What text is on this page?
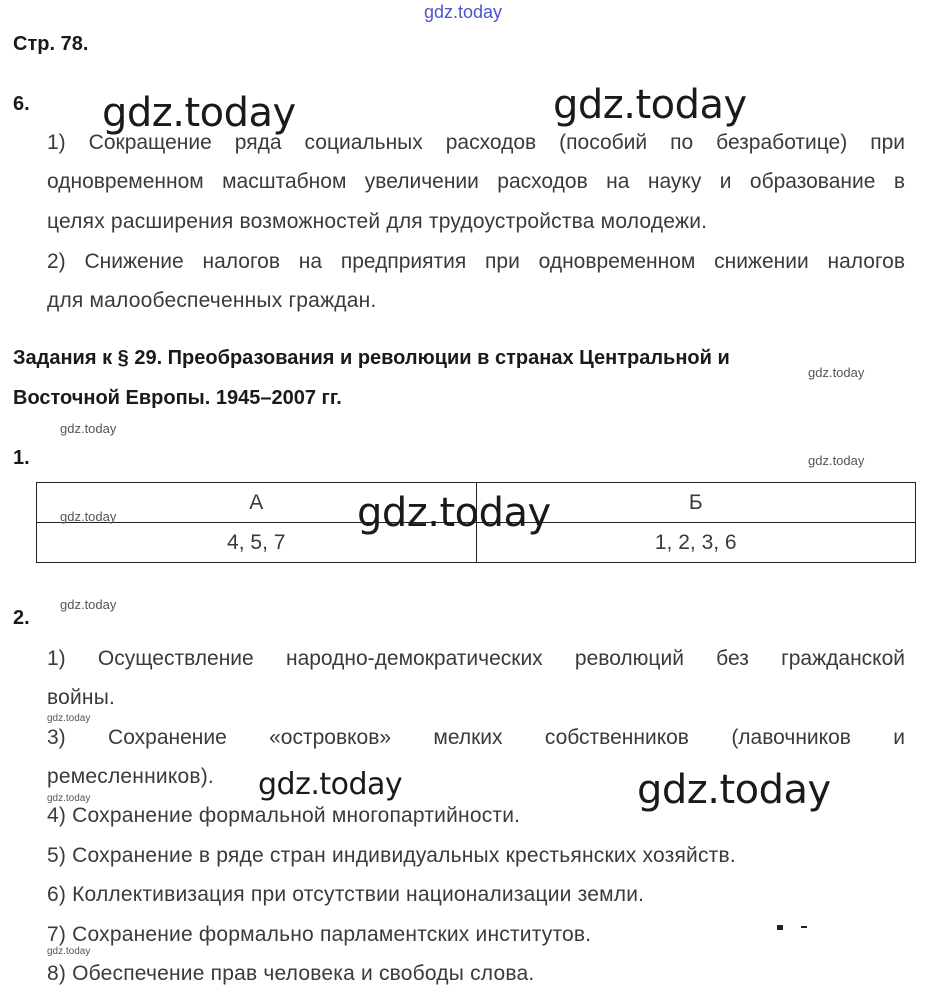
gdz.today
Стр. 78.
6.
1) Сокращение ряда социальных расходов (пособий по безработице) при
одновременном масштабном увеличении расходов на науку и образование в
целях расширения возможностей для трудоустройства молодежи.
2) Снижение налогов на предприятия при одновременном снижении налогов
для малообеспеченных граждан.
Задания к § 29. Преобразования и революции в странах Центральной и
Восточной Европы. 1945–2007 гг.
1.
А	Б
4, 5, 7	1, 2, 3, 6
2.
1) Осуществление народно-демократических революций без гражданской
войны.
3) Сохранение «островков» мелких собственников (лавочников и
ремесленников).
4) Сохранение формальной многопартийности.
5) Сохранение в ряде стран индивидуальных крестьянских хозяйств.
6) Коллективизация при отсутствии национализации земли.
7) Сохранение формально парламентских институтов.
8) Обеспечение прав человека и свободы слова.
gdz.today	gdz.today
gdz.today
gdz.today	gdz.today
gdz.today
gdz.today
gdz.today
gdz.today
gdz.today
gdz.today
gdz.today
gdz.today
